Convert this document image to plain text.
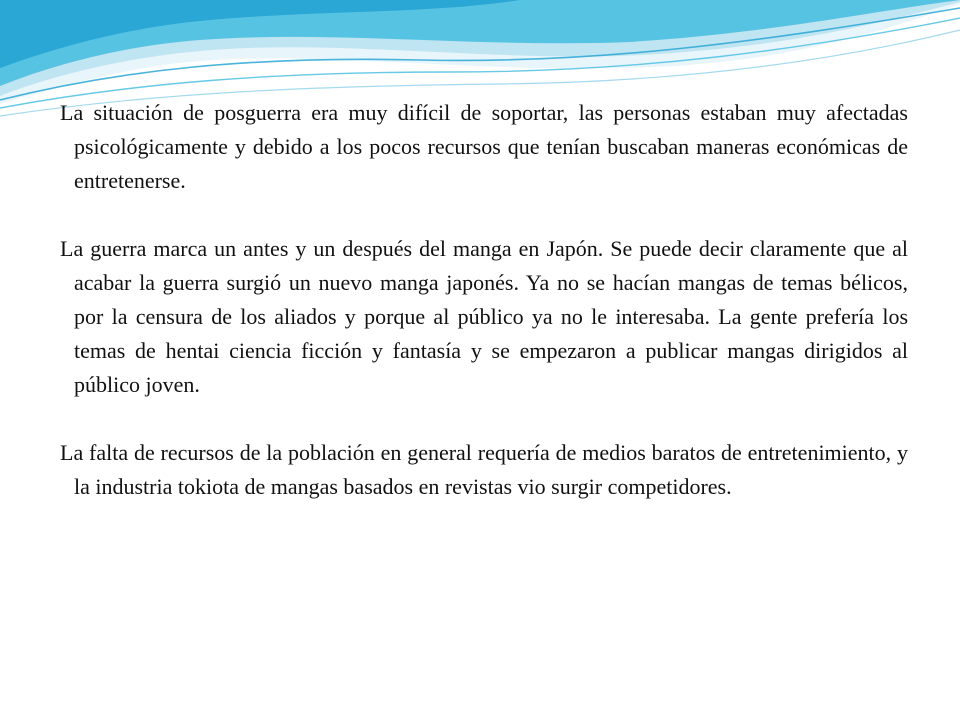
La situación de posguerra era muy difícil de soportar, las personas estaban muy afectadas psicológicamente y debido a los pocos recursos que tenían buscaban maneras económicas de entretenerse.

La guerra marca un antes y un después del manga en Japón. Se puede decir claramente que al acabar la guerra surgió un nuevo manga japonés. Ya no se hacían mangas de temas bélicos, por la censura de los aliados y porque al público ya no le interesaba. La gente prefería los temas de hentai ciencia ficción y fantasía y se empezaron a publicar mangas dirigidos al público joven.

La falta de recursos de la población en general requería de medios baratos de entretenimiento, y la industria tokiota de mangas basados en revistas vio surgir competidores.
